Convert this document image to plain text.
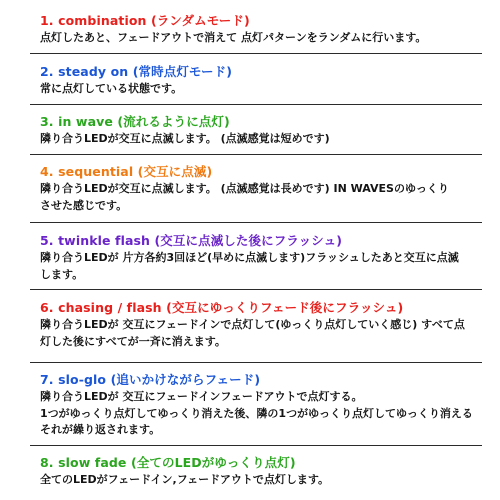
1. combination (ランダムモード)
点灯したあと、フェードアウトで消えて 点灯パターンをランダムに行います。
2. steady on (常時点灯モード)
常に点灯している状態です。
3. in wave (流れるように点灯)
隣り合うLEDが交互に点滅します。 (点滅感覚は短めです)
4. sequential (交互に点滅)
隣り合うLEDが交互に点滅します。 (点滅感覚は長めです) IN WAVESのゆっくり
させた感じです。
5. twinkle flash (交互に点滅した後にフラッシュ)
隣り合うLEDが 片方各約3回ほど(早めに点滅します)フラッシュしたあと交互に点滅
します。
6. chasing / flash (交互にゆっくりフェード後にフラッシュ)
隣り合うLEDが 交互にフェードインで点灯して(ゆっくり点灯していく感じ) すべて点
灯した後にすべてが一斉に消えます。
7. slo-glo (追いかけながらフェード)
隣り合うLEDが 交互にフェードインフェードアウトで点灯する。
1つがゆっくり点灯してゆっくり消えた後、隣の1つがゆっくり点灯してゆっくり消える
それが繰り返されます。
8. slow fade (全てのLEDがゆっくり点灯)
全てのLEDがフェードイン,フェードアウトで点灯します。
